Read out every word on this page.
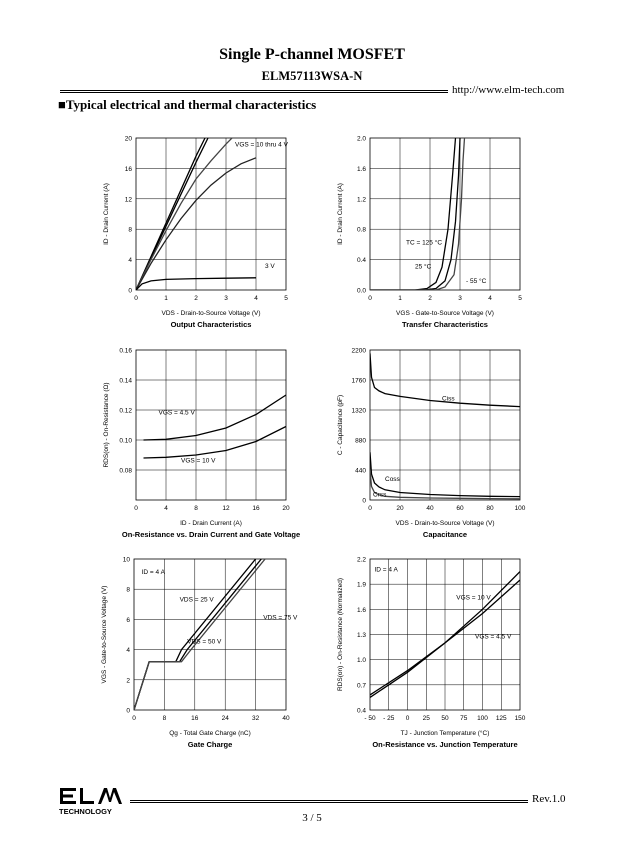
Single P-channel MOSFET
ELM57113WSA-N
http://www.elm-tech.com
■Typical electrical and thermal characteristics
0	1	2	3	4	5
0
4
8
12
16
20
VDS - Drain-to-Source Voltage (V)
ID - Drain Current (A)
Output Characteristics
VGS = 10 thru 4 V
3 V
0	1	2	3	4	5
0.0
0.4
0.8
1.2
1.6
2.0
VGS - Gate-to-Source Voltage (V)
ID - Drain Current (A)
Transfer Characteristics
TC = 125 °C
25 °C
- 55 °C
0	4	8	12	16	20
0.08
0.10
0.12
0.14
0.16
ID - Drain Current (A)
RDS(on) - On-Resistance (Ω)
On-Resistance vs. Drain Current and Gate Voltage
VGS = 4.5 V
VGS = 10 V
0	20	40	60	80	100
0
440
880
1320
1760
2200
VDS - Drain-to-Source Voltage (V)
C - Capacitance (pF)
Capacitance
Ciss
Coss
Crss
0	8	16	24	32	40
0
2
4
6
8
10
Qg - Total Gate Charge (nC)
VGS - Gate-to-Source Voltage (V)
Gate Charge
ID = 4 A
VDS = 25 V
VDS = 75 V
VDS = 50 V
- 50 - 25 0 25 50 75 100 125 150
0.4
0.7
1.0
1.3
1.6
1.9
2.2
TJ - Junction Temperature (°C)
RDS(on) - On-Resistance (Normalized)
On-Resistance vs. Junction Temperature
ID = 4 A
VGS = 10 V
VGS = 4.5 V
TECHNOLOGY
Rev.1.0
3 / 5
